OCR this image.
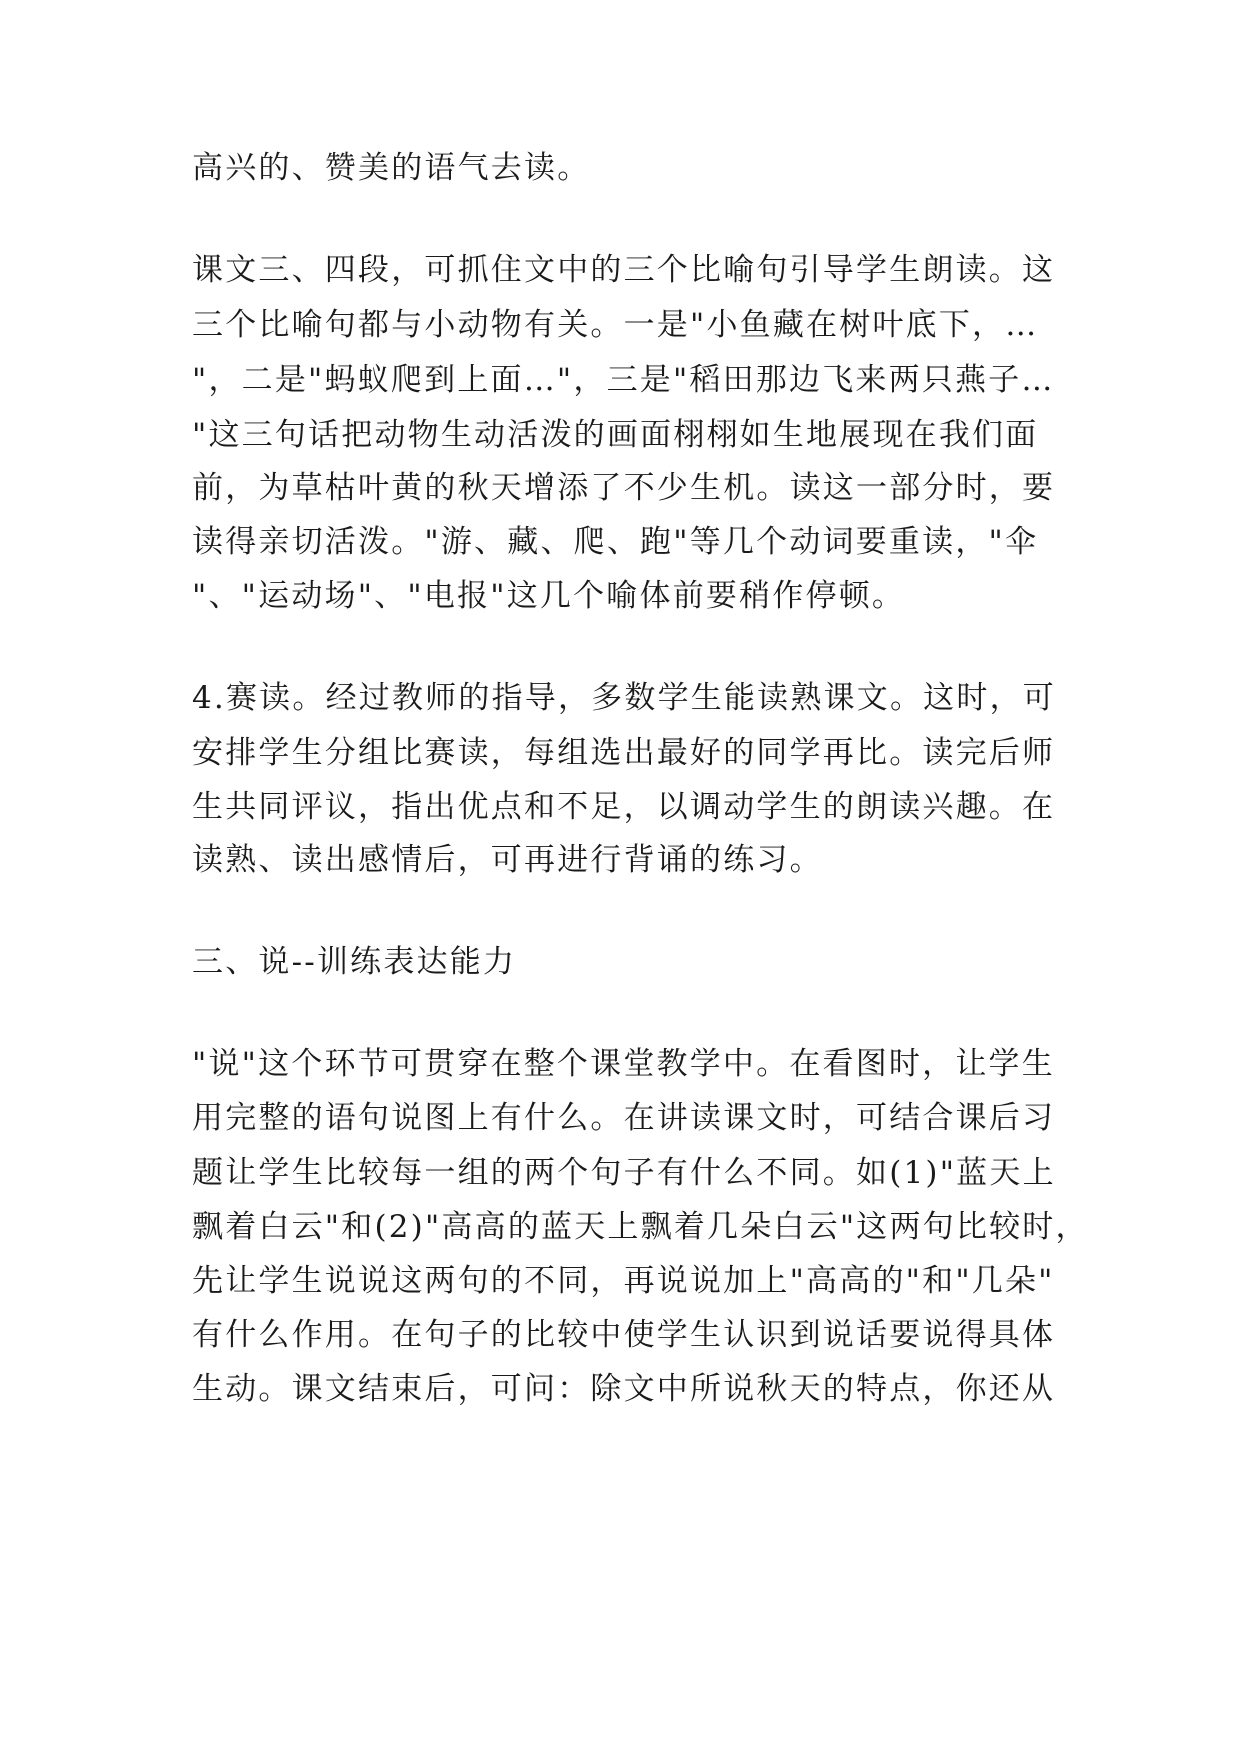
高兴的、赞美的语气去读。
课文三、四段，可抓住文中的三个比喻句引导学生朗读。这
三个比喻句都与小动物有关。一是"小鱼藏在树叶底下，…
"，二是"蚂蚁爬到上面…"，三是"稻田那边飞来两只燕子…
"这三句话把动物生动活泼的画面栩栩如生地展现在我们面
前，为草枯叶黄的秋天增添了不少生机。读这一部分时，要
读得亲切活泼。"游、藏、爬、跑"等几个动词要重读，"伞
"、"运动场"、"电报"这几个喻体前要稍作停顿。
4.赛读。经过教师的指导，多数学生能读熟课文。这时，可
安排学生分组比赛读，每组选出最好的同学再比。读完后师
生共同评议，指出优点和不足，以调动学生的朗读兴趣。在
读熟、读出感情后，可再进行背诵的练习。
三、说--训练表达能力
"说"这个环节可贯穿在整个课堂教学中。在看图时，让学生
用完整的语句说图上有什么。在讲读课文时，可结合课后习
题让学生比较每一组的两个句子有什么不同。如(1)"蓝天上
飘着白云"和(2)"高高的蓝天上飘着几朵白云"这两句比较时，
先让学生说说这两句的不同，再说说加上"高高的"和"几朵"
有什么作用。在句子的比较中使学生认识到说话要说得具体
生动。课文结束后，可问：除文中所说秋天的特点，你还从
